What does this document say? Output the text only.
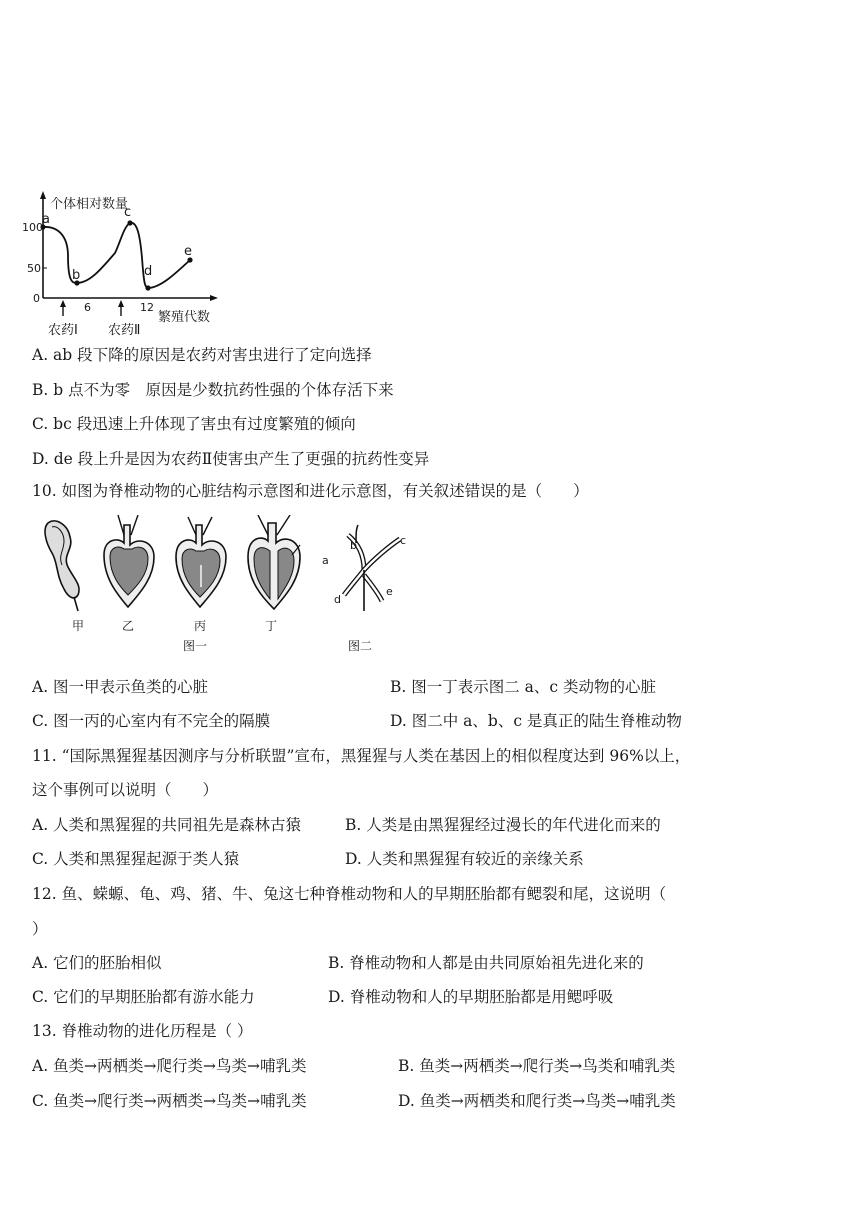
个体相对数量
100
50
0
6	12
繁殖代数
农药Ⅰ 农药Ⅱ
a
b
c
d
e
A. ab 段下降的原因是农药对害虫进行了定向选择
B. b 点不为零　原因是少数抗药性强的个体存活下来
C. bc 段迅速上升体现了害虫有过度繁殖的倾向
D. de 段上升是因为农药Ⅱ使害虫产生了更强的抗药性变异
10. 如图为脊椎动物的心脏结构示意图和进化示意图，有关叙述错误的是（　　）
甲	乙	丙	丁
图一	图二
a
b	c
d
e
A. 图一甲表示鱼类的心脏	B. 图一丁表示图二 a、c 类动物的心脏
C. 图一丙的心室内有不完全的隔膜	D. 图二中 a、b、c 是真正的陆生脊椎动物
11. “国际黑猩猩基因测序与分析联盟”宣布，黑猩猩与人类在基因上的相似程度达到 96%以上，
这个事例可以说明（　　）
A. 人类和黑猩猩的共同祖先是森林古猿	B. 人类是由黑猩猩经过漫长的年代进化而来的
C. 人类和黑猩猩起源于类人猿	D. 人类和黑猩猩有较近的亲缘关系
12. 鱼、蝾螈、龟、鸡、猪、牛、兔这七种脊椎动物和人的早期胚胎都有鳃裂和尾，这说明（
）
A. 它们的胚胎相似	B. 脊椎动物和人都是由共同原始祖先进化来的
C. 它们的早期胚胎都有游水能力	D. 脊椎动物和人的早期胚胎都是用鳃呼吸
13. 脊椎动物的进化历程是（ ）
A. 鱼类→两栖类→爬行类→鸟类→哺乳类	B. 鱼类→两栖类→爬行类→鸟类和哺乳类
C. 鱼类→爬行类→两栖类→鸟类→哺乳类	D. 鱼类→两栖类和爬行类→鸟类→哺乳类
